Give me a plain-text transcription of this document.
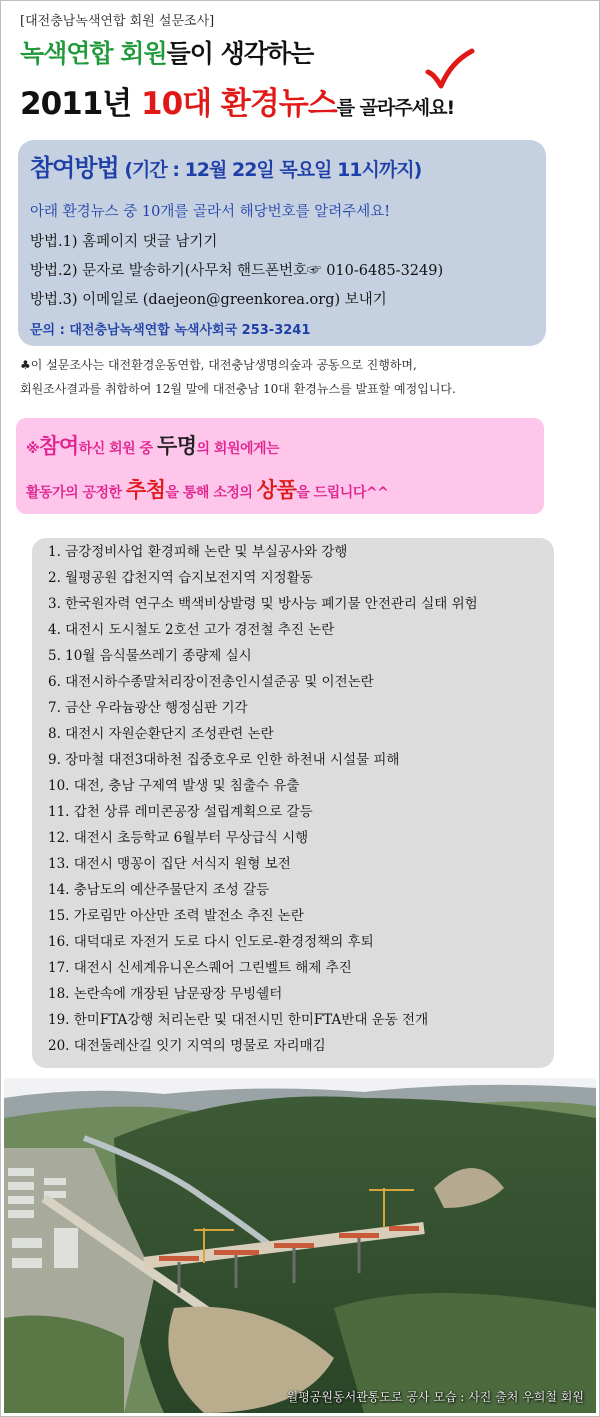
[대전충남녹색연합 회원 설문조사]
녹색연합 회원들이 생각하는
2011년 10대 환경뉴스를 골라주세요!
참여방법 (기간 : 12월 22일 목요일 11시까지)
아래 환경뉴스 중 10개를 골라서 해당번호를 알려주세요!
방법.1) 홈페이지 댓글 남기기
방법.2) 문자로 발송하기(사무처 핸드폰번호☞ 010-6485-3249)
방법.3) 이메일로 (daejeon@greenkorea.org) 보내기
문의 : 대전충남녹색연합 녹색사회국 253-3241
♣이 설문조사는 대전환경운동연합, 대전충남생명의숲과 공동으로 진행하며,
회원조사결과를 취합하여 12월 말에 대전충남 10대 환경뉴스를 발표할 예정입니다.
※참여하신 회원 중 두명의 회원에게는
활동가의 공정한 추첨을 통해 소정의 상품을 드립니다^^
1. 금강정비사업 환경피해 논란 및 부실공사와 강행
2. 월평공원 갑천지역 습지보전지역 지정활동
3. 한국원자력 연구소 백색비상발령 및 방사능 폐기물 안전관리 실태 위험
4. 대전시 도시철도 2호선 고가 경전철 추진 논란
5. 10월 음식물쓰레기 종량제 실시
6. 대전시하수종말처리장이전총인시설준공 및 이전논란
7. 금산 우라늄광산 행정심판 기각
8. 대전시 자원순환단지 조성관련 논란
9. 장마철 대전3대하천 집중호우로 인한 하천내 시설물 피해
10. 대전, 충남 구제역 발생 및 침출수 유출
11. 갑천 상류 레미콘공장 설립계획으로 갈등
12. 대전시 초등학교 6월부터 무상급식 시행
13. 대전시 맹꽁이 집단 서식지 원형 보전
14. 충남도의 예산주물단지 조성 갈등
15. 가로림만 아산만 조력 발전소 추진 논란
16. 대덕대로 자전거 도로 다시 인도로-환경정책의 후퇴
17. 대전시 신세계유니온스퀘어 그린벨트 해제 추진
18. 논란속에 개장된 남문광장 무빙쉘터
19. 한미FTA강행 처리논란 및 대전시민 한미FTA반대 운동 전개
20. 대전둘레산길 잇기 지역의 명물로 자리매김
월평공원동서관통도로 공사 모습 : 사진 출처 우희철 회원
